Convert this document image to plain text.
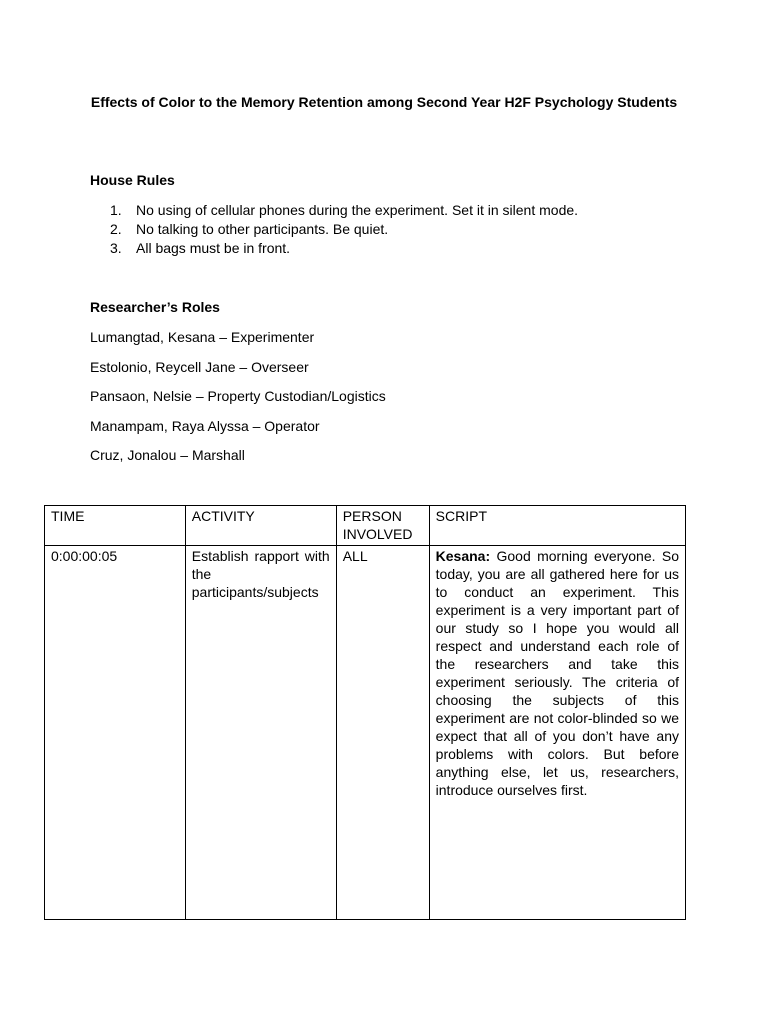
Effects of Color to the Memory Retention among Second Year H2F Psychology Students
House Rules
1. No using of cellular phones during the experiment. Set it in silent mode.
2. No talking to other participants. Be quiet.
3. All bags must be in front.
Researcher’s Roles
Lumangtad, Kesana – Experimenter
Estolonio, Reycell Jane – Overseer
Pansaon, Nelsie – Property Custodian/Logistics
Manampam, Raya Alyssa – Operator
Cruz, Jonalou – Marshall
TIME	ACTIVITY	PERSON INVOLVED	SCRIPT
0:00:00:05	Establish rapport with the participants/subjects	ALL	Kesana: Good morning everyone. So today, you are all gathered here for us to conduct an experiment. This experiment is a very important part of our study so I hope you would all respect and understand each role of the researchers and take this experiment seriously. The criteria of choosing the subjects of this experiment are not color-blinded so we expect that all of you don’t have any problems with colors. But before anything else, let us, researchers, introduce ourselves first.
